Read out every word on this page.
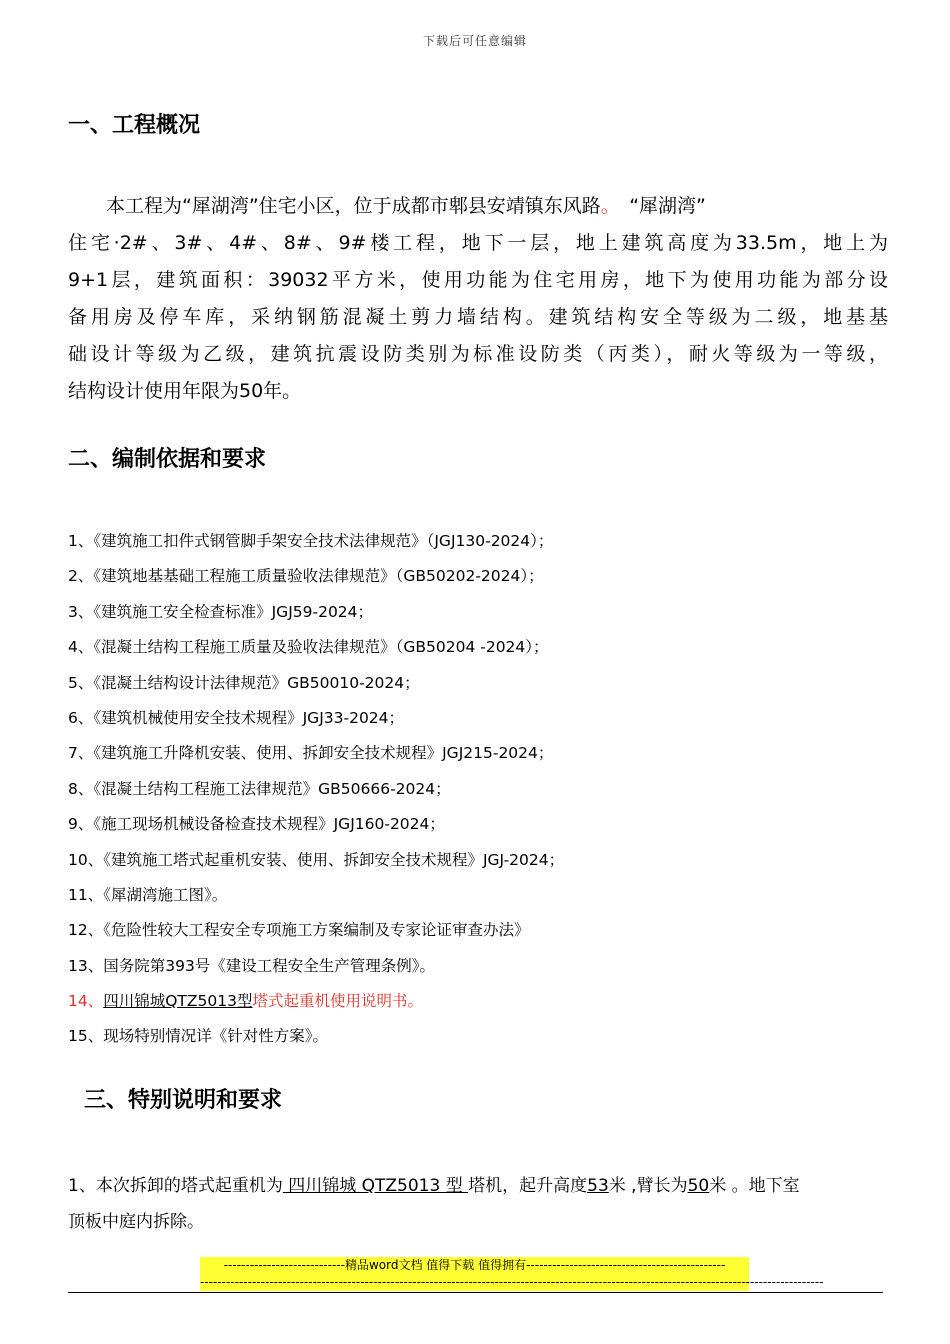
下载后可任意编辑
一、工程概况
　　本工程为“犀湖湾”住宅小区，位于成都市郫县安靖镇东风路。　“犀湖湾”
住宅·2#、3#、4#、8#、9#楼工程，地下一层，地上建筑高度为33.5m，地上为
9+1层，建筑面积：39032平方米，使用功能为住宅用房，地下为使用功能为部分设
备用房及停车库，采纳钢筋混凝土剪力墙结构。建筑结构安全等级为二级，地基基
础设计等级为乙级，建筑抗震设防类别为标准设防类（丙类），耐火等级为一等级，
结构设计使用年限为50年。
二、编制依据和要求
1、《建筑施工扣件式钢管脚手架安全技术法律规范》（JGJ130-2024）；
2、《建筑地基基础工程施工质量验收法律规范》（GB50202-2024）；
3、《建筑施工安全检查标准》JGJ59-2024；
4、《混凝土结构工程施工质量及验收法律规范》（GB50204 -2024）；
5、《混凝土结构设计法律规范》GB50010-2024；
6、《建筑机械使用安全技术规程》JGJ33-2024；
7、《建筑施工升降机安装、使用、拆卸安全技术规程》JGJ215-2024；
8、《混凝土结构工程施工法律规范》GB50666-2024；
9、《施工现场机械设备检查技术规程》JGJ160-2024；
10、《建筑施工塔式起重机安装、使用、拆卸安全技术规程》JGJ-2024；
11、《犀湖湾施工图》。
12、《危险性较大工程安全专项施工方案编制及专家论证审查办法》
13、国务院第393号《建设工程安全生产管理条例》。
14、四川锦城QTZ5013型塔式起重机使用说明书。
15、现场特别情况详《针对性方案》。
三、特别说明和要求
1、本次拆卸的塔式起重机为 四川锦城 QTZ5013 型 塔机，起升高度53米 ,臂长为50米 。地下室
顶板中庭内拆除。
----------------------------精品word文档 值得下载 值得拥有----------------------------------------------
------------------------------------------------------------------------------------------------------------------------------------------------
